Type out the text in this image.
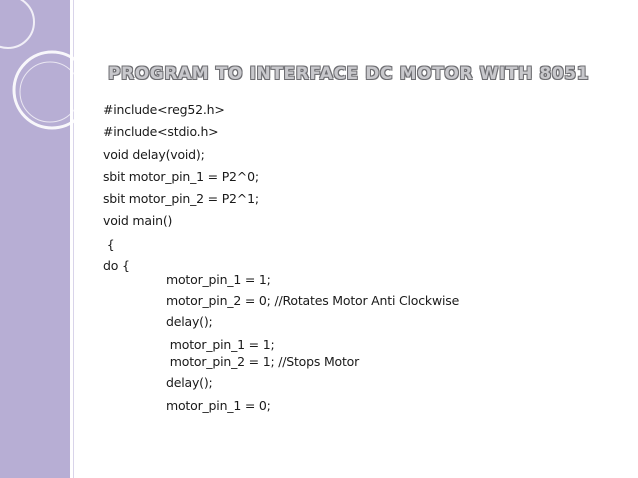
PROGRAM TO INTERFACE DC MOTOR WITH 8051
#include<reg52.h>
#include<stdio.h>
void delay(void);
sbit motor_pin_1 = P2^0;
sbit motor_pin_2 = P2^1;
void main()
{
do {
motor_pin_1 = 1;
motor_pin_2 = 0; //Rotates Motor Anti Clockwise
delay();
motor_pin_1 = 1;
motor_pin_2 = 1; //Stops Motor
delay();
motor_pin_1 = 0;
